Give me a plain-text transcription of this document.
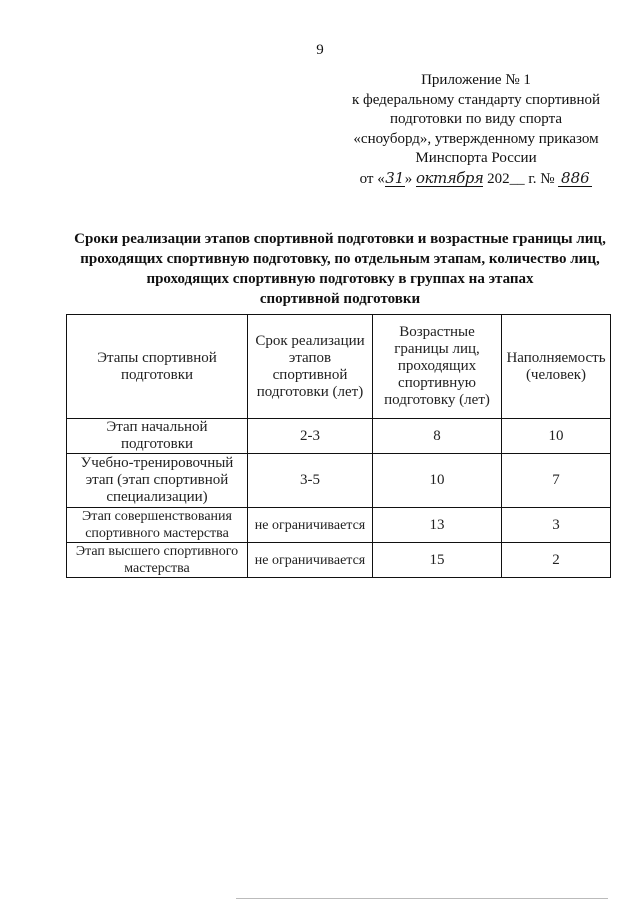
9
Приложение № 1
к федеральному стандарту спортивной
подготовки по виду спорта
«сноуборд», утвержденному приказом
Минспорта России
от «31» октября 202__ г. № 886
Сроки реализации этапов спортивной подготовки и возрастные границы лиц,
проходящих спортивную подготовку, по отдельным этапам, количество лиц,
проходящих спортивную подготовку в группах на этапах
спортивной подготовки
Этапы спортивной подготовки	Срок реализации этапов спортивной подготовки (лет)	Возрастные границы лиц, проходящих спортивную подготовку (лет)	Наполняемость (человек)
Этап начальной подготовки	2-3	8	10
Учебно-тренировочный этап (этап спортивной специализации)	3-5	10	7
Этап совершенствования спортивного мастерства	не ограничивается	13	3
Этап высшего спортивного мастерства	не ограничивается	15	2
